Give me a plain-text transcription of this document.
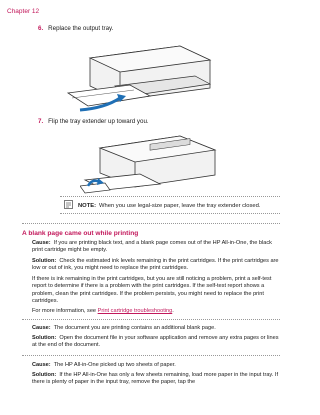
Chapter 12
6. Replace the output tray.
7. Flip the tray extender up toward you.
NOTE: When you use legal-size paper, leave the tray extender closed.
A blank page came out while printing
Cause: If you are printing black text, and a blank page comes out of the HP All-in-One, the black print cartridge might be empty.
Solution: Check the estimated ink levels remaining in the print cartridges. If the print cartridges are low or out of ink, you might need to replace the print cartridges.
If there is ink remaining in the print cartridges, but you are still noticing a problem, print a self-test report to determine if there is a problem with the print cartridges. If the self-test report shows a problem, clean the print cartridges. If the problem persists, you might need to replace the print cartridges.
For more information, see Print cartridge troubleshooting.
Cause: The document you are printing contains an additional blank page.
Solution: Open the document file in your software application and remove any extra pages or lines at the end of the document.
Cause: The HP All-in-One picked up two sheets of paper.
Solution: If the HP All-in-One has only a few sheets remaining, load more paper in the input tray. If there is plenty of paper in the input tray, remove the paper, tap the
